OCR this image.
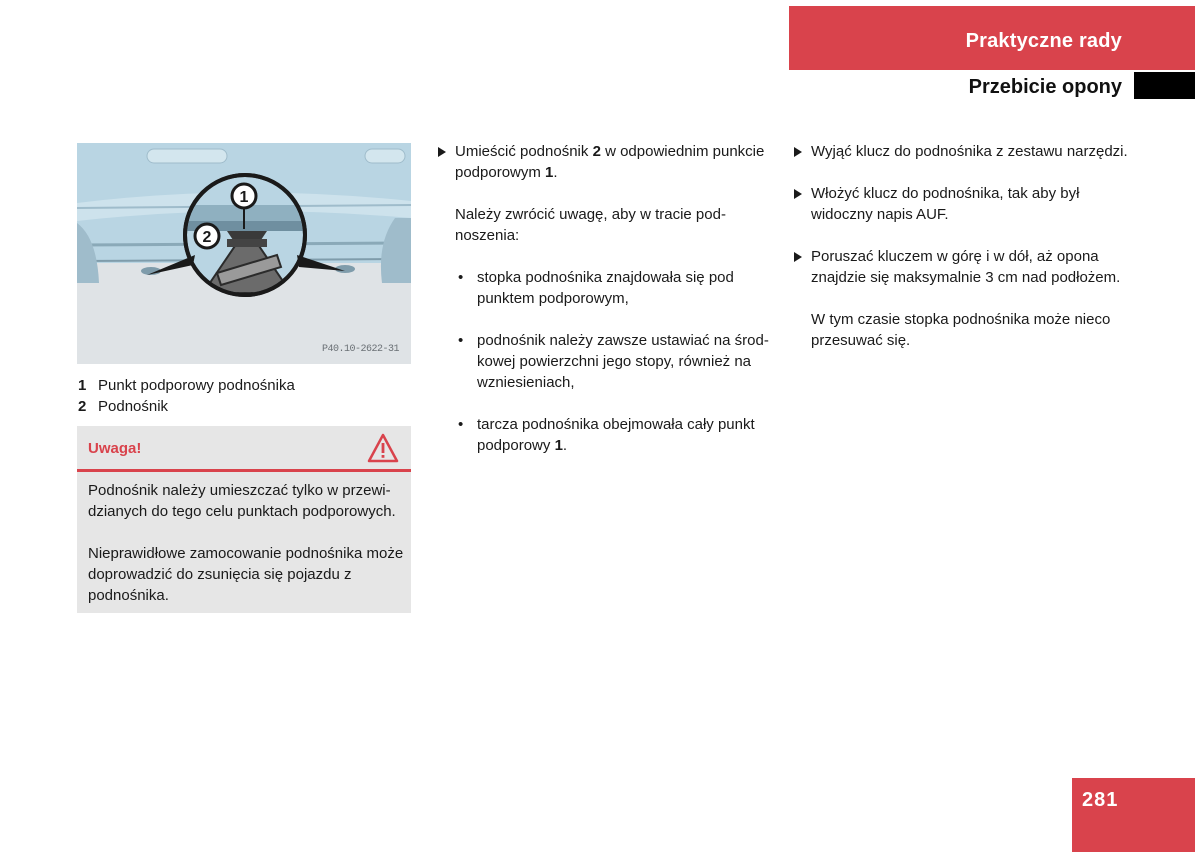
Praktyczne rady
Przebicie opony
1
2
P40.10-2622-31
1 Punkt podporowy podnośnika
2 Podnośnik
Uwaga!

Podnośnik należy umieszczać tylko w przewi-dzianych do tego celu punktach podporowych.

Nieprawidłowe zamocowanie podnośnika może doprowadzić do zsunięcia się pojazdu z podnośnika.

Umieścić podnośnik 2 w odpowiednim punkcie podporowym 1.
Należy zwrócić uwagę, aby w tracie pod-noszenia:
• stopka podnośnika znajdowała się pod punktem podporowym,
• podnośnik należy zawsze ustawiać na środ-kowej powierzchni jego stopy, również na wzniesieniach,
• tarcza podnośnika obejmowała cały punkt podporowy 1.
Wyjąć klucz do podnośnika z zestawu narzędzi.
Włożyć klucz do podnośnika, tak aby był widoczny napis AUF.
Poruszać kluczem w górę i w dół, aż opona znajdzie się maksymalnie 3 cm nad podłożem.
W tym czasie stopka podnośnika może nieco przesuwać się.
281
